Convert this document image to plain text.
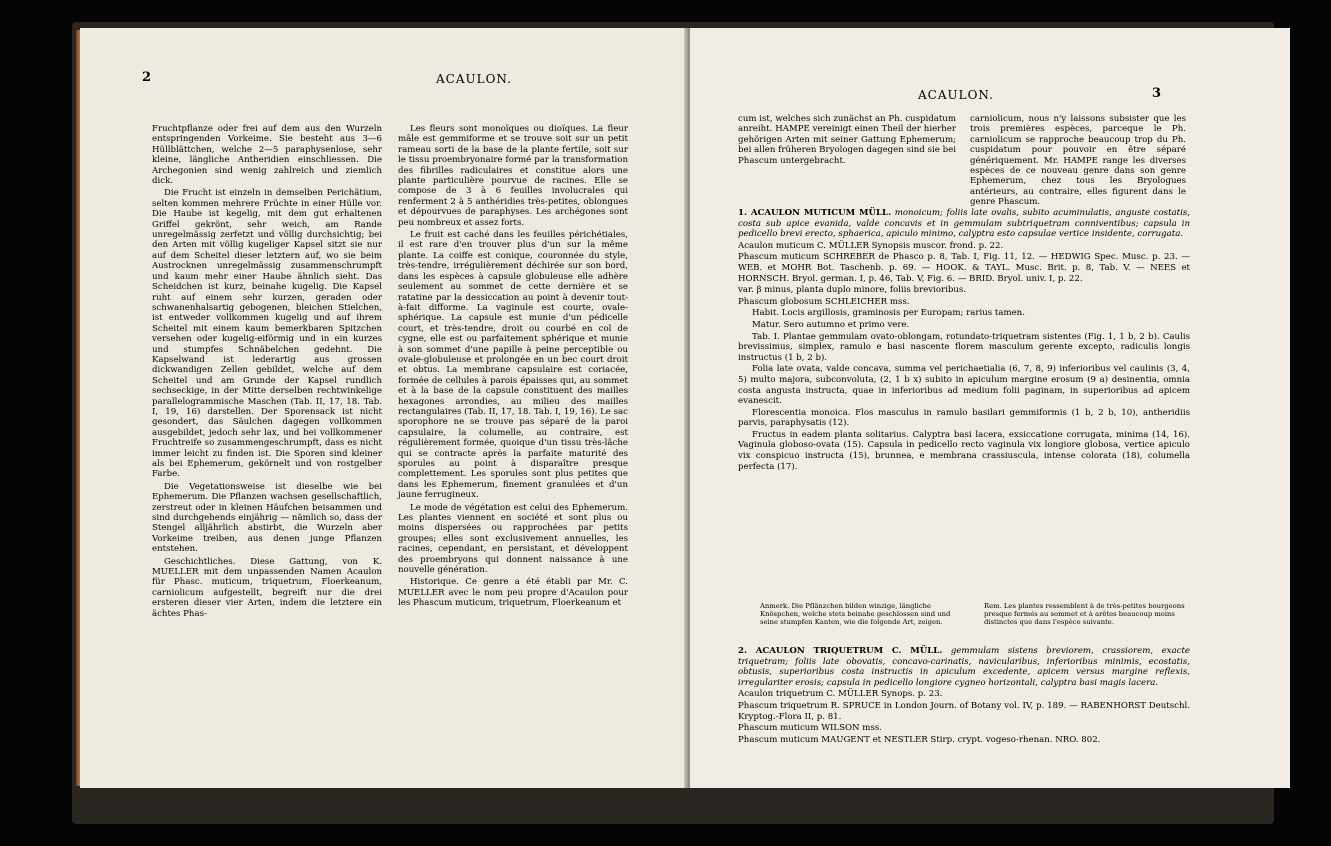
2	ACAULON.

Fruchtpflanze oder frei auf dem aus den Wurzeln entspringenden Vorkeime. Sie besteht aus 3—6 Hüllblättchen, welche 2—5 paraphysenlose, sehr kleine, längliche Antheridien einschliessen. Die Archegonien sind wenig zahlreich und ziemlich dick.

Die Frucht ist einzeln in demselben Perichätium, selten kommen mehrere Früchte in einer Hülle vor. Die Haube ist kegelig, mit dem gut erhaltenen Griffel gekrönt, sehr weich, am Rande unregelmässig zerfetzt und völlig durchsichtig; bei den Arten mit völlig kugeliger Kapsel sitzt sie nur auf dem Scheitel dieser letztern auf, wo sie beim Austrocknen unregelmässig zusammenschrumpft und kaum mehr einer Haube ähnlich sieht. Das Scheidchen ist kurz, beinahe kugelig. Die Kapsel ruht auf einem sehr kurzen, geraden oder schwanenhalsartig gebogenen, bleichen Stielchen, ist entweder vollkommen kugelig und auf ihrem Scheitel mit einem kaum bemerkbaren Spitzchen versehen oder kugelig-eiförmig und in ein kurzes und stumpfes Schnäbelchen gedehnt. Die Kapselwand ist lederartig aus grossen dickwandigen Zellen gebildet, welche auf dem Scheitel und am Grunde der Kapsel rundlich sechseckige, in der Mitte derselben rechtwinkelige parallelogrammische Maschen (Tab. II, 17, 18. Tab. I, 19, 16) darstellen. Der Sporensack ist nicht gesondert, das Säulchen dagegen vollkommen ausgebildet, jedoch sehr lax, und bei vollkommener Fruchtreife so zusammengeschrumpft, dass es nicht immer leicht zu finden ist. Die Sporen sind kleiner als bei Ephemerum, gekörnelt und von rostgelber Farbe.

Die Vegetationsweise ist dieselbe wie bei Ephemerum. Die Pflanzen wachsen gesellschaftlich, zerstreut oder in kleinen Häufchen beisammen und sind durchgehends einjährig — nämlich so, dass der Stengel alljährlich abstirbt, die Wurzeln aber Vorkeime treiben, aus denen junge Pflanzen entstehen.

Geschichtliches. Diese Gattung, von K. MUELLER mit dem unpassenden Namen Acaulon für Phasc. muticum, triquetrum, Floerkeanum, carniolicum aufgestellt, begreift nur die drei ersteren dieser vier Arten, indem die letztere ein ächtes Phas-

Les fleurs sont monoïques ou dioïques. La fleur mâle est gemmiforme et se trouve soit sur un petit rameau sorti de la base de la plante fertile, soit sur le tissu proembryonaire formé par la transformation des fibrilles radiculaires et constitue alors une plante particulière pourvue de racines. Elle se compose de 3 à 6 feuilles involucrales qui renferment 2 à 5 anthéridies très-petites, oblongues et dépourvues de paraphyses. Les archégones sont peu nombreux et assez forts.

Le fruit est caché dans les feuilles périchétiales, il est rare d'en trouver plus d'un sur la même plante. La coiffe est conique, couronnée du style, très-tendre, irrégulièrement déchirée sur son bord, dans les espèces à capsule globuleuse elle adhère seulement au sommet de cette dernière et se ratatine par la dessiccation au point à devenir tout-à-fait difforme. La vaginule est courte, ovale-sphérique. La capsule est munie d'un pédicelle court, et très-tendre, droit ou courbé en col de cygne, elle est ou parfaitement sphérique et munie à son sommet d'une papille à peine perceptible ou ovale-globuleuse et prolongée en un bec court droit et obtus. La membrane capsulaire est coriacée, formée de cellules à parois épaisses qui, au sommet et à la base de la capsule constituent des mailles hexagones arrondies, au milieu des mailles rectangulaires (Tab. II, 17, 18. Tab. I, 19, 16). Le sac sporophore ne se trouve pas séparé de la paroi capsulaire, la columelle, au contraire, est régulièrement formée, quoique d'un tissu très-lâche qui se contracte après la parfaite maturité des sporules au point à disparaître presque complettement. Les sporules sont plus petites que dans les Ephemerum, finement granulées et d'un jaune ferrugineux.

Le mode de végétation est celui des Ephemerum. Les plantes viennent en société et sont plus ou moins dispersées ou rapprochées par petits groupes; elles sont exclusivement annuelles, les racines, cependant, en persistant, et développent des proembryons qui donnent naissance à une nouvelle génération.

Historique. Ce genre a été établi par Mr. C. MUELLER avec le nom peu propre d'Acaulon pour les Phascum muticum, triquetrum, Floerkeanum et

ACAULON.	3

cum ist, welches sich zunächst an Ph. cuspidatum anreiht. HAMPE vereinigt einen Theil der hierher gehörigen Arten mit seiner Gattung Ephemerum; bei allen früheren Bryologen dagegen sind sie bei Phascum untergebracht.

carniolicum, nous n'y laissons subsister que les trois premières espèces, parceque le Ph. carniolicum se rapproche beaucoup trop du Ph. cuspidatum pour pouvoir en être séparé génériquement. Mr. HAMPE range les diverses espèces de ce nouveau genre dans son genre Ephemerum, chez tous les Bryologues antérieurs, au contraire, elles figurent dans le genre Phascum.

1. ACAULON MUTICUM MÜLL. monoicum; foliis late ovalis, subito acuminulatis, anguste costatis, costa sub apice evanida, valde concavis et in gemmulam subtriquetram conniventibus; capsula in pedicello brevi erecto, sphaerica, apiculo minimo, calyptra esto capsulae vertice insidente, corrugata.

Acaulon muticum C. MÜLLER Synopsis muscor. frond. p. 22.

Phascum muticum SCHREBER de Phasco p. 8, Tab. I, Fig. 11, 12. — HEDWIG Spec. Musc. p. 23. — WEB. et MOHR Bot. Taschenb. p. 69. — HOOK. & TAYL. Musc. Brit. p. 8, Tab. V. — NEES et HORNSCH. Bryol. german. I, p. 46, Tab. V, Fig. 6. — BRID. Bryol. univ. I, p. 22.

var. β minus, planta duplo minore, foliis brevioribus.

Phascum globosum SCHLEICHER mss.

Habit. Locis argillosis, graminosis per Europam; rarius tamen.

Matur. Sero autumno et primo vere.

Tab. I. Plantae gemmulam ovato-oblongam, rotundato-triquetram sistentes (Fig. 1, 1 b, 2 b). Caulis brevissimus, simplex, ramulo e basi nascente florem masculum gerente excepto, radiculis longis instructus (1 b, 2 b).

Folia late ovata, valde concava, summa vel perichaetialia (6, 7, 8, 9) inferioribus vel caulinis (3, 4, 5) multo majora, subconvoluta, (2, 1 b x) subito in apiculum margine erosum (9 a) desinentia, omnia costa angusta instructa, quae in inferioribus ad medium folii paginam, in superioribus ad apicem evanescit.

Florescentia monoica. Flos masculus in ramulo basilari gemmiformis (1 b, 2 b, 10), antheridiis parvis, paraphysatis (12).

Fructus in eadem planta solitarius. Calyptra basi lacera, exsiccatione corrugata, minima (14, 16). Vaginula globoso-ovata (15). Capsula in pedicello recto vaginula vix longiore globosa, vertice apiculo vix conspicuo instructa (15), brunnea, e membrana crassiuscula, intense colorata (18), columella perfecta (17).

Anmerk. Die Pflänzchen bilden winzige, längliche Knöspchen, welche stets beinahe geschlossen sind und seine stumpfen Kanten, wie die folgende Art, zeigen.
Rem. Les plantes ressemblent à de très-petites bourgeons presque fermés au sommet et à arêtes beaucoup moins distinctes que dans l'espèce suivante.

2. ACAULON TRIQUETRUM C. MÜLL. gemmulam sistens breviorem, crassiorem, exacte triquetram; foliis late obovatis, concavo-carinatis, navicularibus, inferioribus minimis, ecostatis, obtusis, superioribus costa instructis in apiculum excedente, apicem versus margine reflexis, irregulariter erosis; capsula in pedicello longiore cygneo horizontali, calyptra basi magis lacera.

Acaulon triquetrum C. MÜLLER Synops. p. 23.

Phascum triquetrum R. SPRUCE in London Journ. of Botany vol. IV, p. 189. — RABENHORST Deutschl. Kryptog.-Flora II, p. 81.

Phascum muticum WILSON mss.

Phascum muticum MAUGENT et NESTLER Stirp. crypt. vogeso-rhenan. NRO. 802.
